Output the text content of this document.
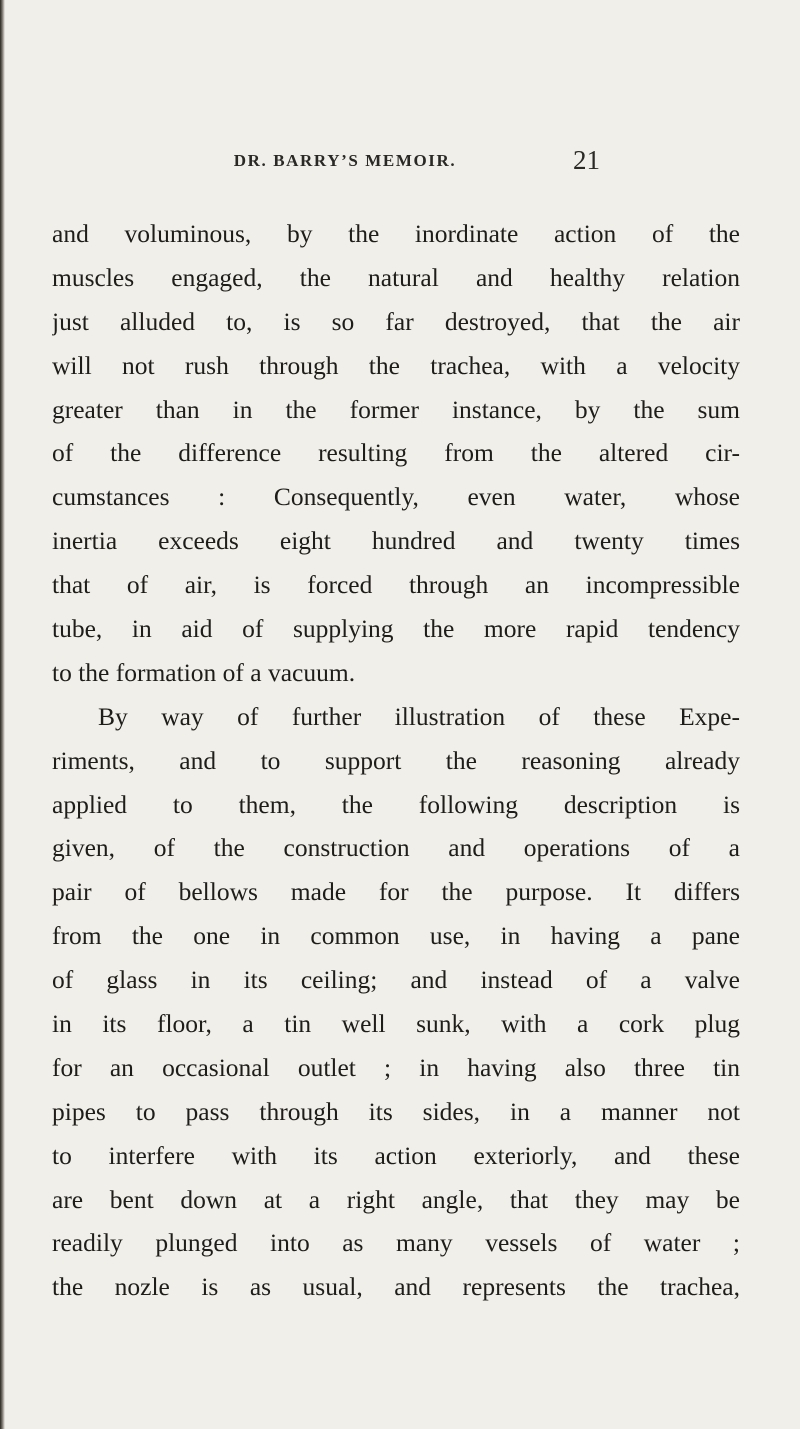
DR. BARRY’S MEMOIR.	21
and voluminous, by the inordinate action of the
muscles engaged, the natural and healthy relation
just alluded to, is so far destroyed, that the air
will not rush through the trachea, with a velocity
greater than in the former instance, by the sum
of the difference resulting from the altered cir-
cumstances : Consequently, even water, whose
inertia exceeds eight hundred and twenty times
that of air, is forced through an incompressible
tube, in aid of supplying the more rapid tendency
to the formation of a vacuum.
By way of further illustration of these Expe-
riments, and to support the reasoning already
applied to them, the following description is
given, of the construction and operations of a
pair of bellows made for the purpose. It differs
from the one in common use, in having a pane
of glass in its ceiling; and instead of a valve
in its floor, a tin well sunk, with a cork plug
for an occasional outlet ; in having also three tin
pipes to pass through its sides, in a manner not
to interfere with its action exteriorly, and these
are bent down at a right angle, that they may be
readily plunged into as many vessels of water ;
the nozle is as usual, and represents the trachea,
